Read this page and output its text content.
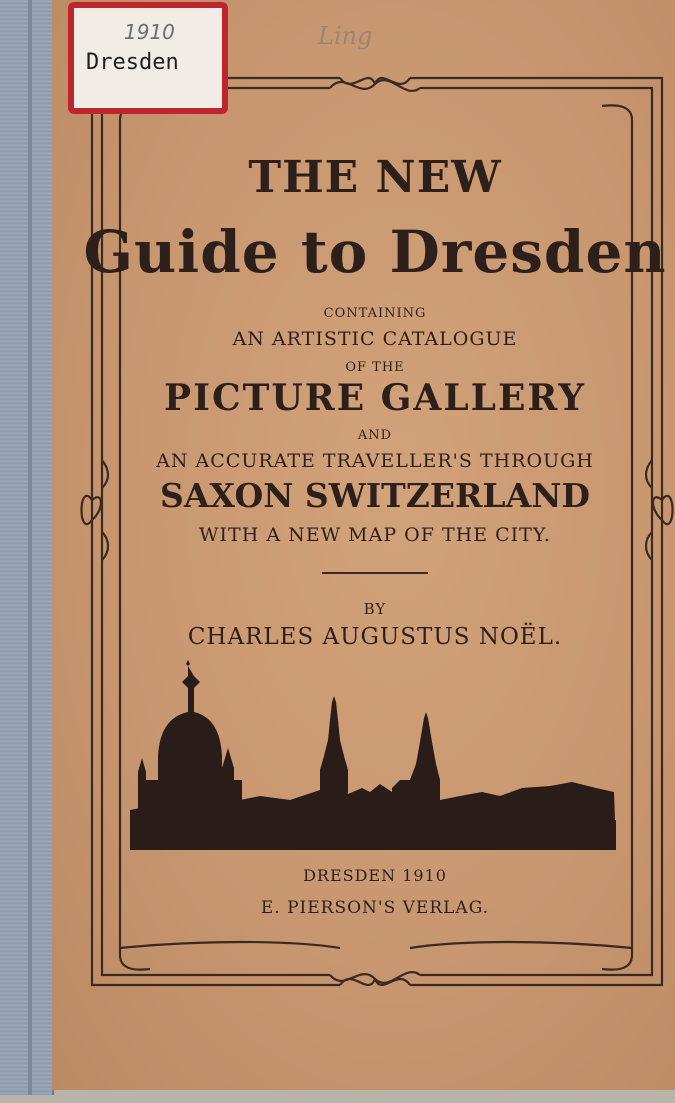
1910
Dresden
Ling
THE NEW
Guide to Dresden
CONTAINING
AN ARTISTIC CATALOGUE
OF THE
PICTURE GALLERY
AND
AN ACCURATE TRAVELLER'S THROUGH
SAXON SWITZERLAND
WITH A NEW MAP OF THE CITY.
BY
CHARLES AUGUSTUS NOËL.
DRESDEN 1910
E. PIERSON'S VERLAG.
